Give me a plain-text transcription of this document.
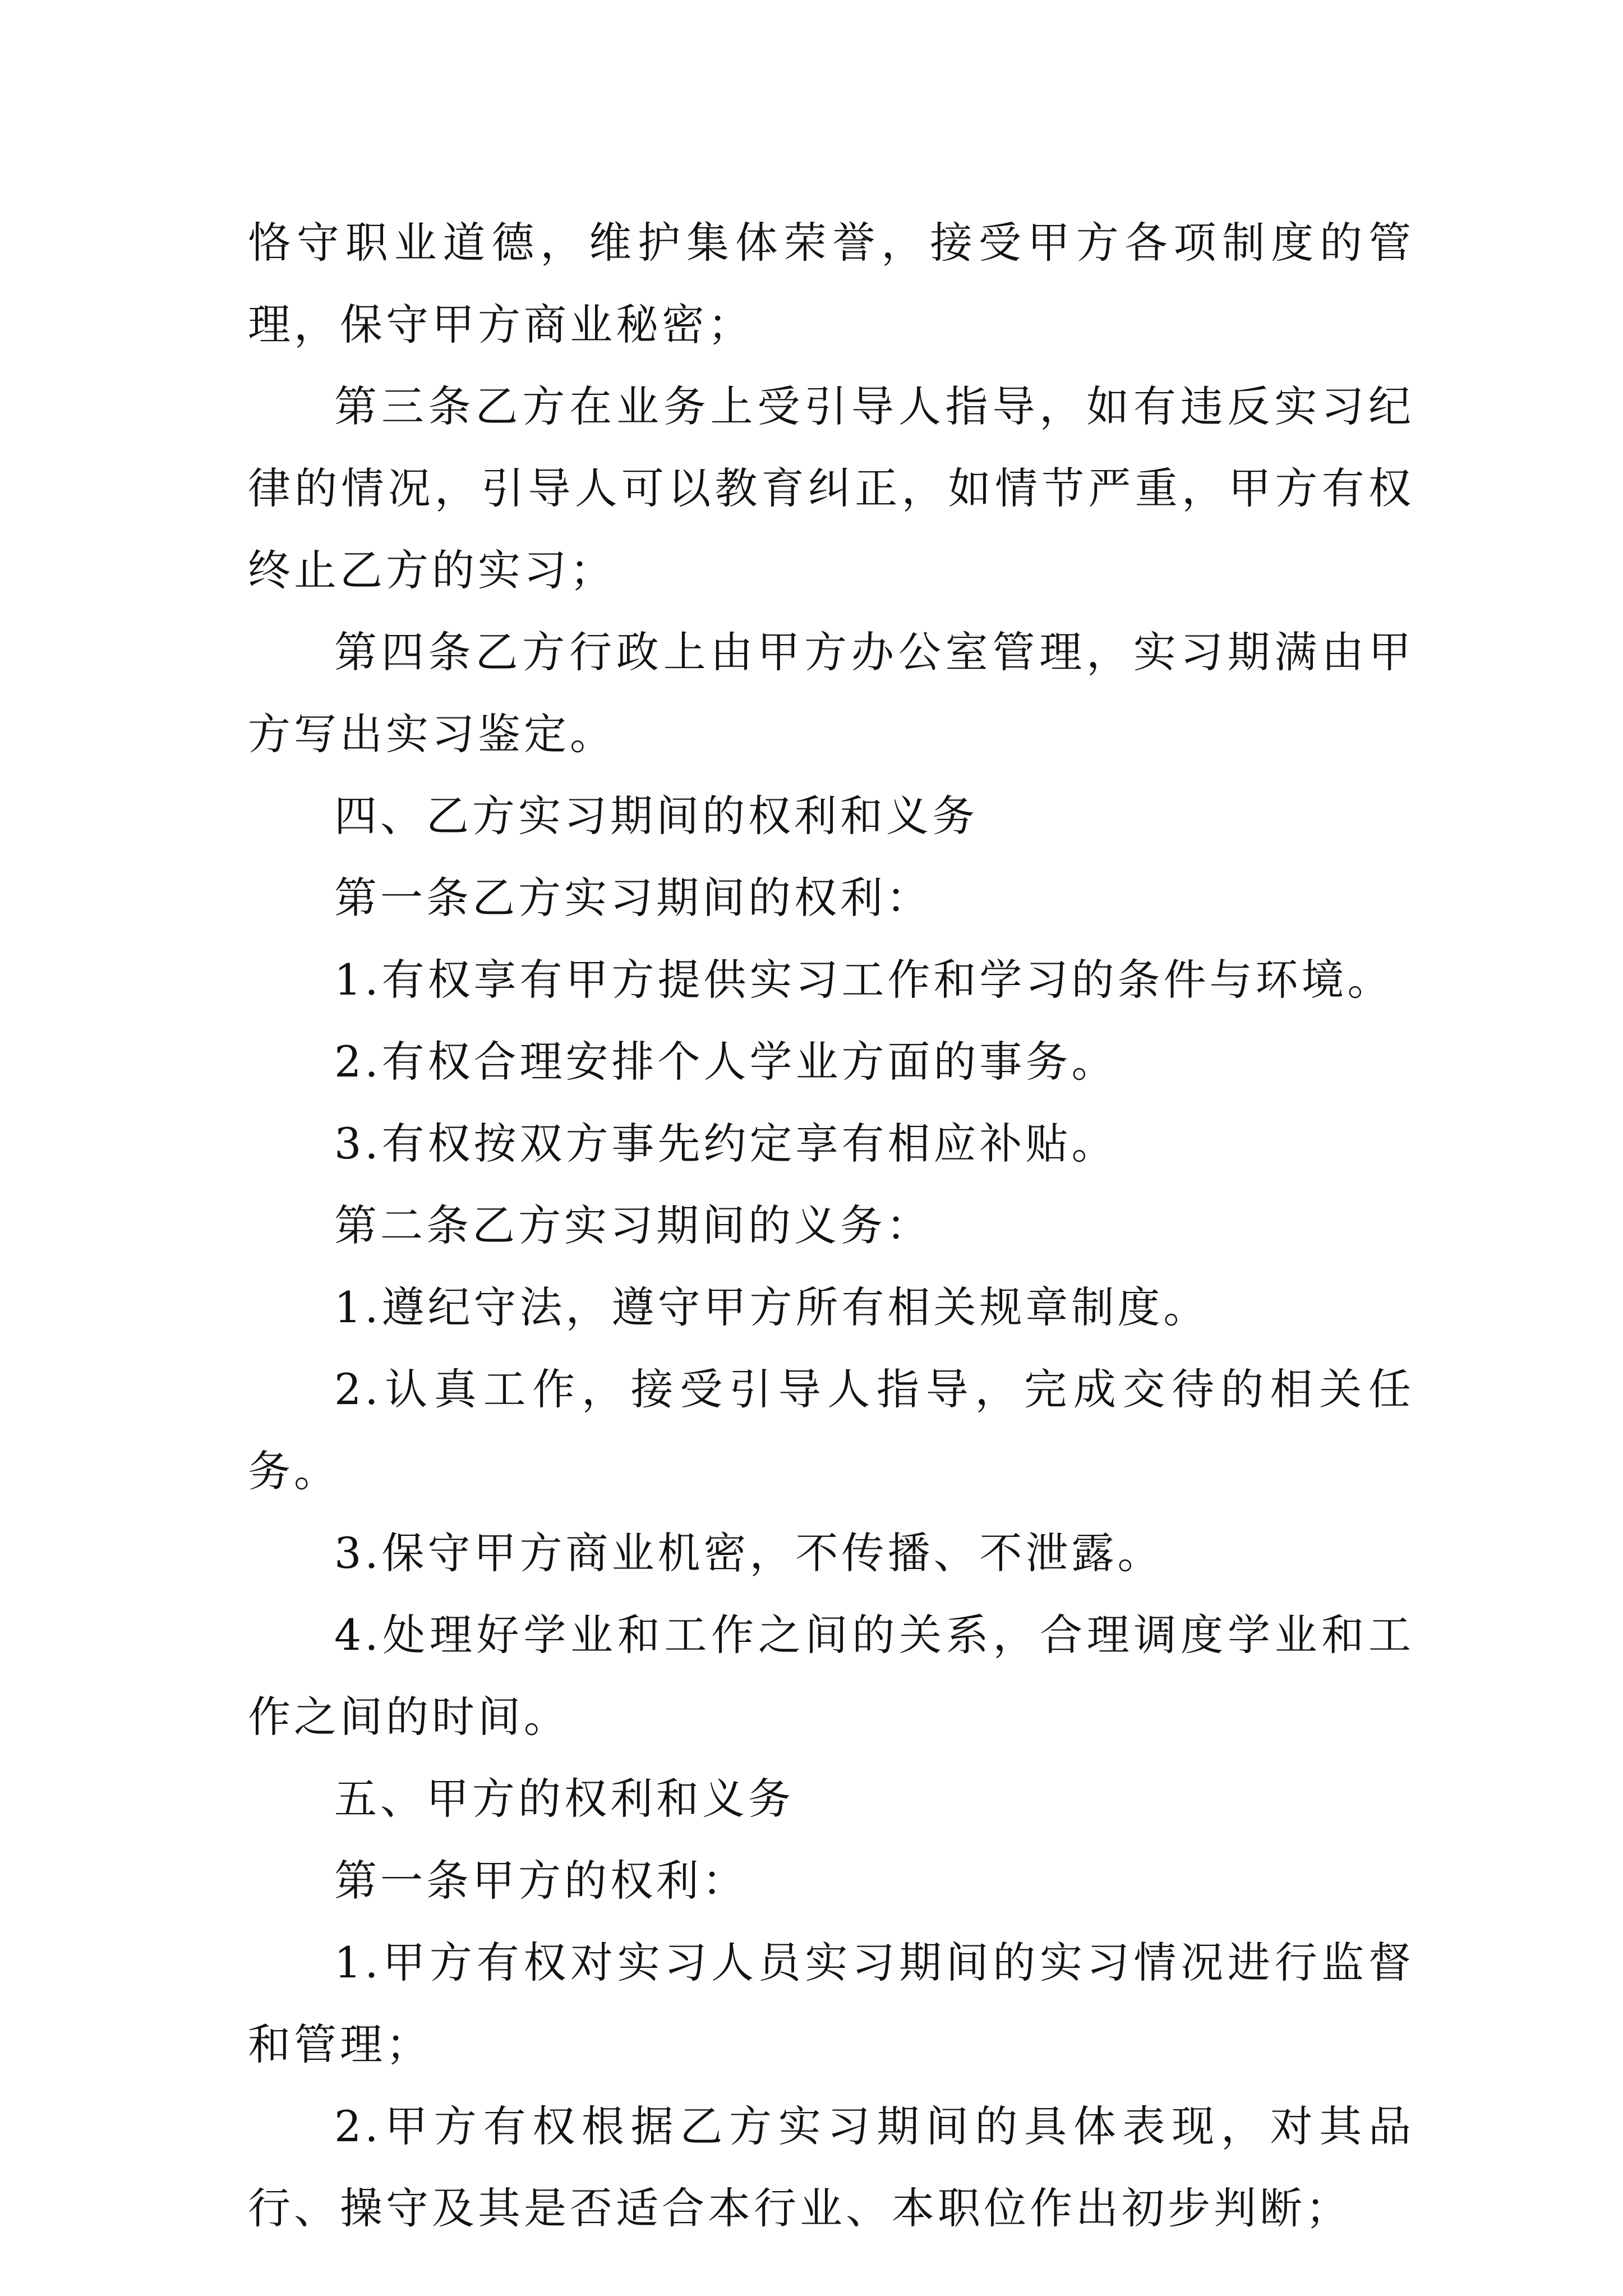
恪守职业道德，维护集体荣誉，接受甲方各项制度的管理，保守甲方商业秘密；

第三条乙方在业务上受引导人指导，如有违反实习纪律的情况，引导人可以教育纠正，如情节严重，甲方有权终止乙方的实习；

第四条乙方行政上由甲方办公室管理，实习期满由甲方写出实习鉴定。

四、乙方实习期间的权利和义务

第一条乙方实习期间的权利：

1.有权享有甲方提供实习工作和学习的条件与环境。

2.有权合理安排个人学业方面的事务。

3.有权按双方事先约定享有相应补贴。

第二条乙方实习期间的义务：

1.遵纪守法，遵守甲方所有相关规章制度。

2.认真工作，接受引导人指导，完成交待的相关任务。

3.保守甲方商业机密，不传播、不泄露。

4.处理好学业和工作之间的关系，合理调度学业和工作之间的时间。

五、甲方的权利和义务

第一条甲方的权利：

1.甲方有权对实习人员实习期间的实习情况进行监督和管理；

2.甲方有权根据乙方实习期间的具体表现，对其品行、操守及其是否适合本行业、本职位作出初步判断；
